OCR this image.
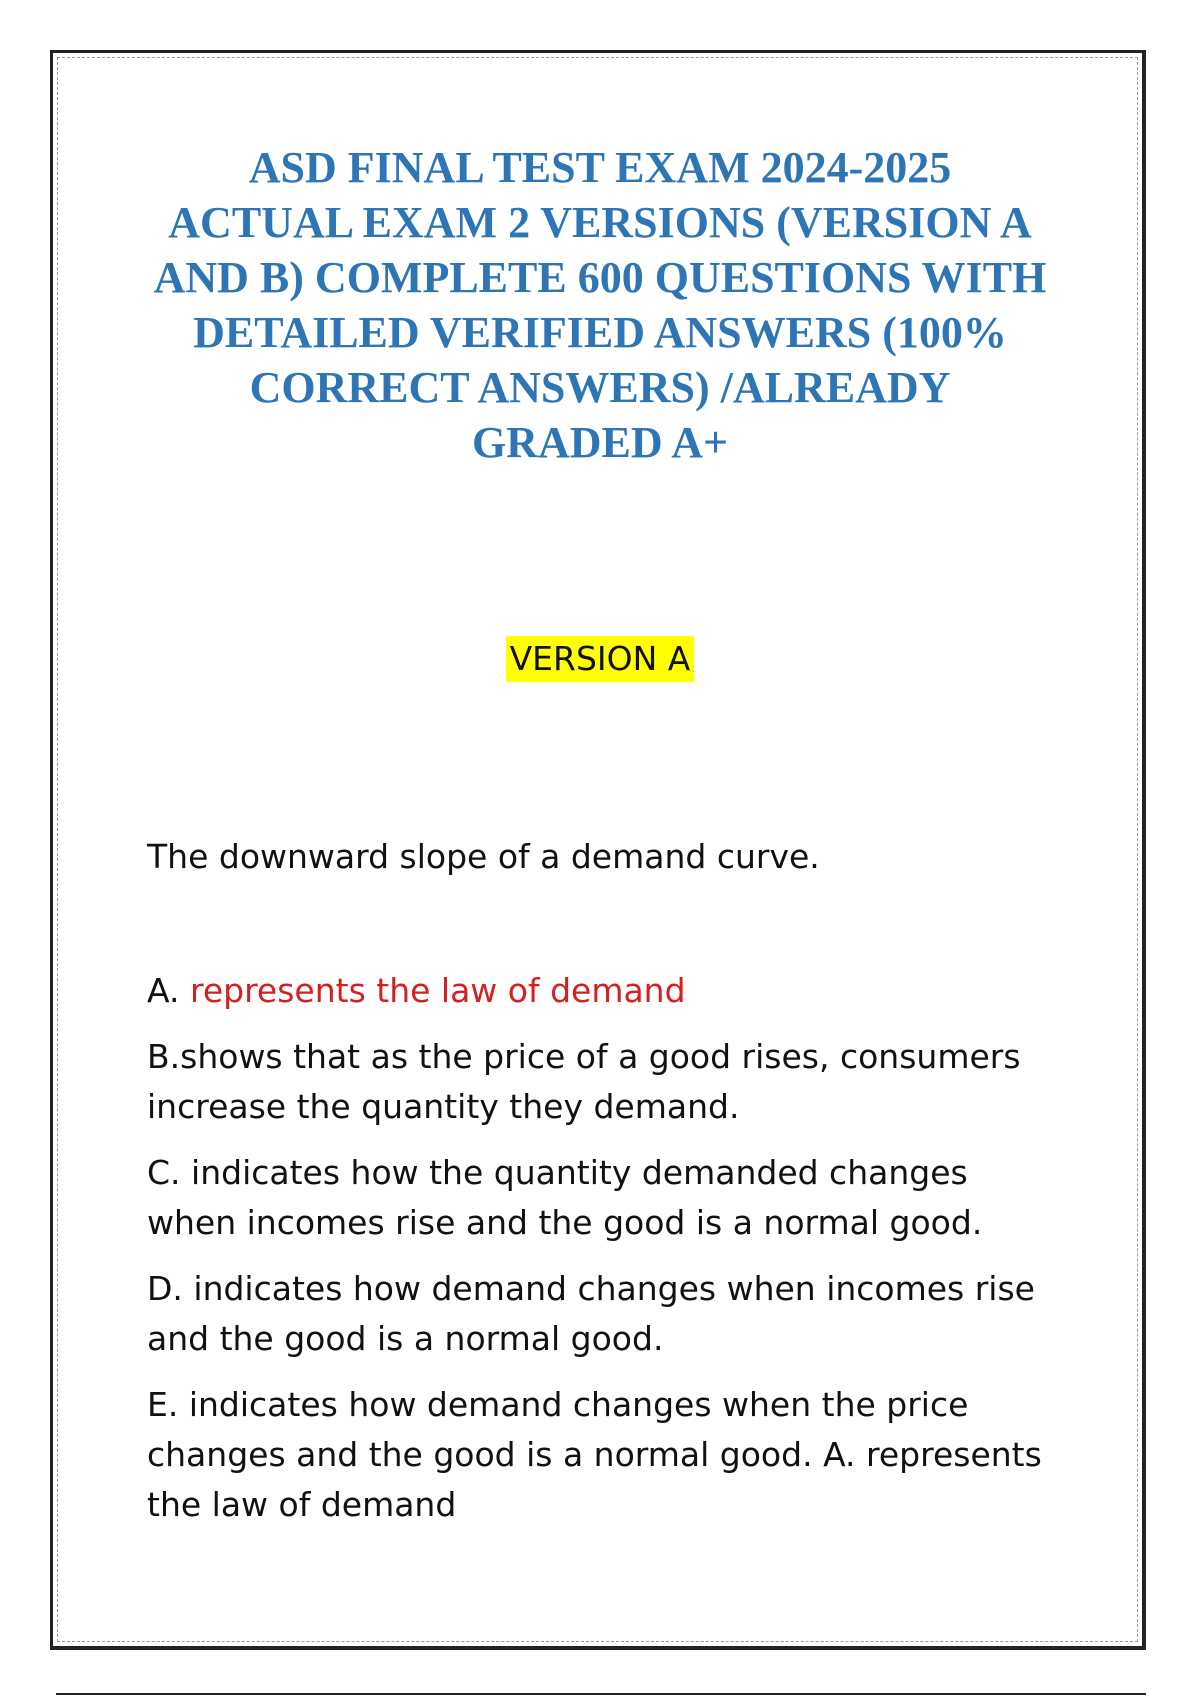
ASD FINAL TEST EXAM 2024-2025
ACTUAL EXAM 2 VERSIONS (VERSION A
AND B) COMPLETE 600 QUESTIONS WITH
DETAILED VERIFIED ANSWERS (100%
CORRECT ANSWERS) /ALREADY
GRADED A+
VERSION A

The downward slope of a demand curve.

A. represents the law of demand
B.shows that as the price of a good rises, consumers increase the quantity they demand.
C. indicates how the quantity demanded changes when incomes rise and the good is a normal good.
D. indicates how demand changes when incomes rise and the good is a normal good.
E. indicates how demand changes when the price changes and the good is a normal good. A. represents the law of demand
